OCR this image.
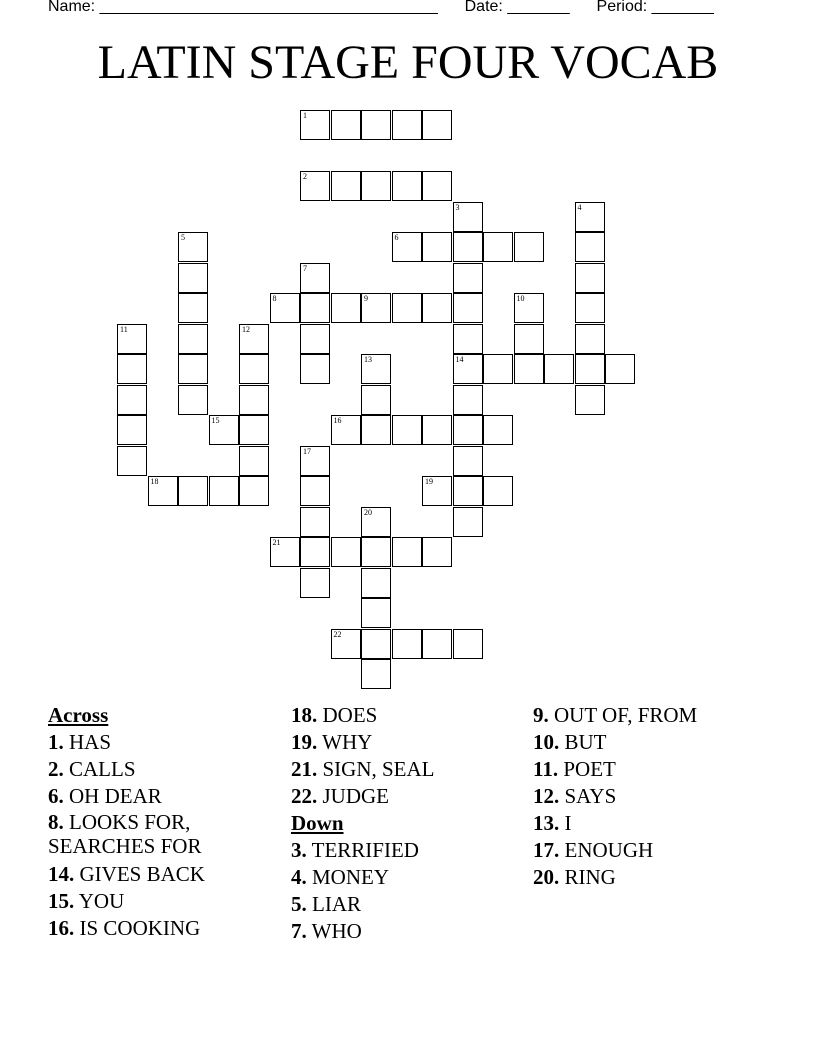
Name: ______________________________________ Date: _______ Period: _______
LATIN STAGE FOUR VOCAB
1
2
3
14
4
5	6
7
8	9	10
11	12
13
15	16
17
18	19
20
21
22

Across

1. HAS

2. CALLS

6. OH DEAR

8. LOOKS FOR, SEARCHES FOR

14. GIVES BACK

15. YOU

16. IS COOKING

18. DOES

19. WHY

21. SIGN, SEAL

22. JUDGE

Down

3. TERRIFIED

4. MONEY

5. LIAR

7. WHO

9. OUT OF, FROM

10. BUT

11. POET

12. SAYS

13. I

17. ENOUGH

20. RING
